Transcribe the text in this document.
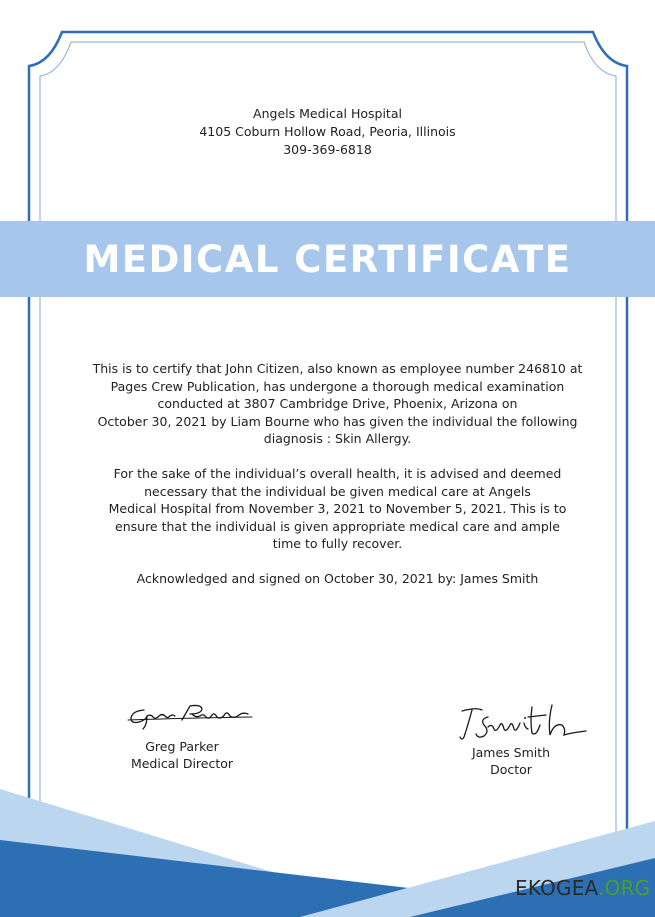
Angels Medical Hospital
4105 Coburn Hollow Road, Peoria, Illinois
309-369-6818
MEDICAL CERTIFICATE
This is to certify that John Citizen, also known as employee number 246810 at
Pages Crew Publication, has undergone a thorough medical examination
conducted at 3807 Cambridge Drive, Phoenix, Arizona on
October 30, 2021 by Liam Bourne who has given the individual the following
diagnosis : Skin Allergy.
For the sake of the individual’s overall health, it is advised and deemed
necessary that the individual be given medical care at Angels
Medical Hospital from November 3, 2021 to November 5, 2021. This is to
ensure that the individual is given appropriate medical care and ample
time to fully recover.
Acknowledged and signed on October 30, 2021 by: James Smith
Greg Parker
Medical Director
James Smith
Doctor
EKOGEA.ORG
